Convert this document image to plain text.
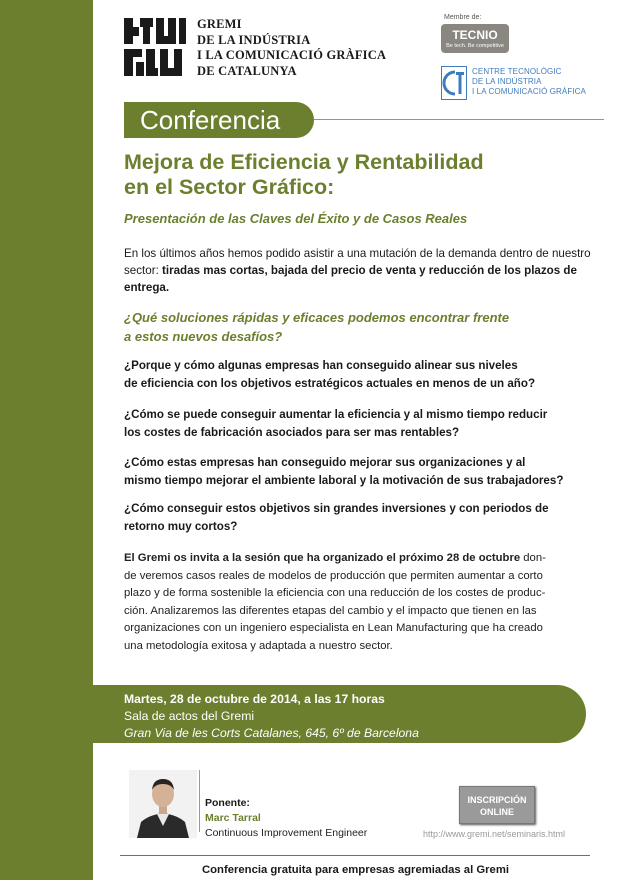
GREMI
DE LA INDÚSTRIA
I LA COMUNICACIÓ GRÀFICA
DE CATALUNYA
Membre de:
TECNIO
Be tech. Be competitive
CENTRE TECNOLÒGIC
DE LA INDÚSTRIA
I LA COMUNICACIÓ GRÀFICA
Conferencia
Mejora de Eficiencia y Rentabilidad
en el Sector Gráfico:
Presentación de las Claves del Éxito y de Casos Reales
En los últimos años hemos podido asistir a una mutación de la demanda dentro de nuestro sector: tiradas mas cortas, bajada del precio de venta y reducción de los plazos de entrega.
¿Qué soluciones rápidas y eficaces podemos encontrar frente
a estos nuevos desafíos?
¿Porque y cómo algunas empresas han conseguido alinear sus niveles
de eficiencia con los objetivos estratégicos actuales en menos de un año?
¿Cómo se puede conseguir aumentar la eficiencia y al mismo tiempo reducir
los costes de fabricación asociados para ser mas rentables?
¿Cómo estas empresas han conseguido mejorar sus organizaciones y al
mismo tiempo mejorar el ambiente laboral y la motivación de sus trabajadores?
¿Cómo conseguir estos objetivos sin grandes inversiones y con periodos de
retorno muy cortos?
El Gremi os invita a la sesión que ha organizado el próximo 28 de octubre don-
de veremos casos reales de modelos de producción que permiten aumentar a corto
plazo y de forma sostenible la eficiencia con una reducción de los costes de produc-
ción. Analizaremos las diferentes etapas del cambio y el impacto que tienen en las
organizaciones con un ingeniero especialista en Lean Manufacturing que ha creado
una metodología exitosa y adaptada a nuestro sector.
Martes, 28 de octubre de 2014, a las 17 horas
Sala de actos del Gremi
Gran Via de les Corts Catalanes, 645, 6º de Barcelona
Ponente:
Marc Tarral
Continuous Improvement Engineer
INSCRIPCIÓN
ONLINE
http://www.gremi.net/seminaris.html
Conferencia gratuita para empresas agremiadas al Gremi
